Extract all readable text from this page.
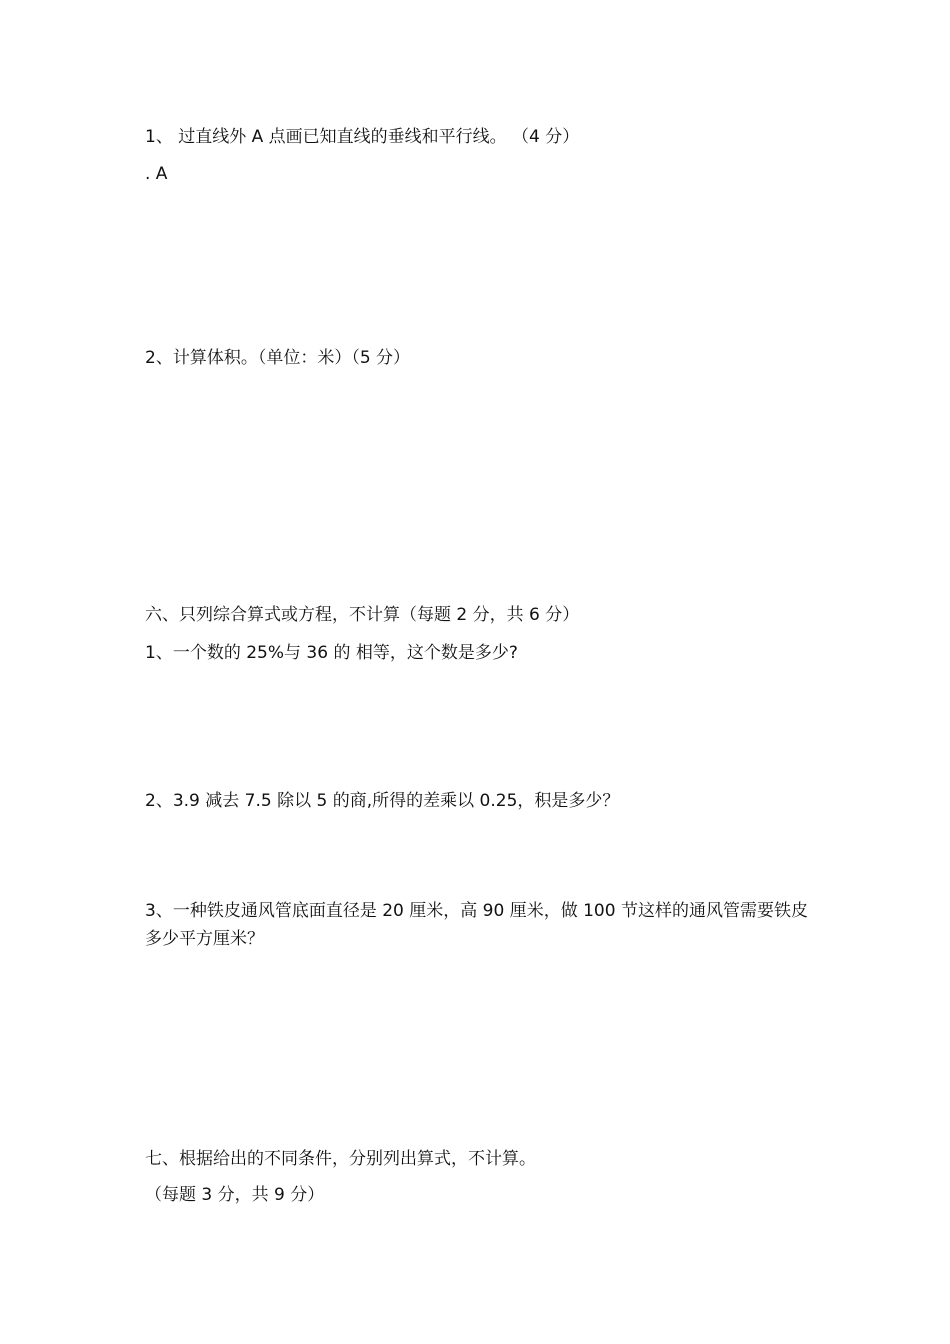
1、 过直线外 A 点画已知直线的垂线和平行线。 （4 分）
. A
2、计算体积。（单位：米）（5 分）
六、只列综合算式或方程，不计算（每题 2 分，共 6 分）
1、一个数的 25%与 36 的 相等，这个数是多少?
2、3.9 减去 7.5 除以 5 的商,所得的差乘以 0.25，积是多少？
3、一种铁皮通风管底面直径是 20 厘米，高 90 厘米，做 100 节这样的通风管需要铁皮多少平方厘米？
七、根据给出的不同条件，分别列出算式，不计算。
（每题 3 分，共 9 分）
